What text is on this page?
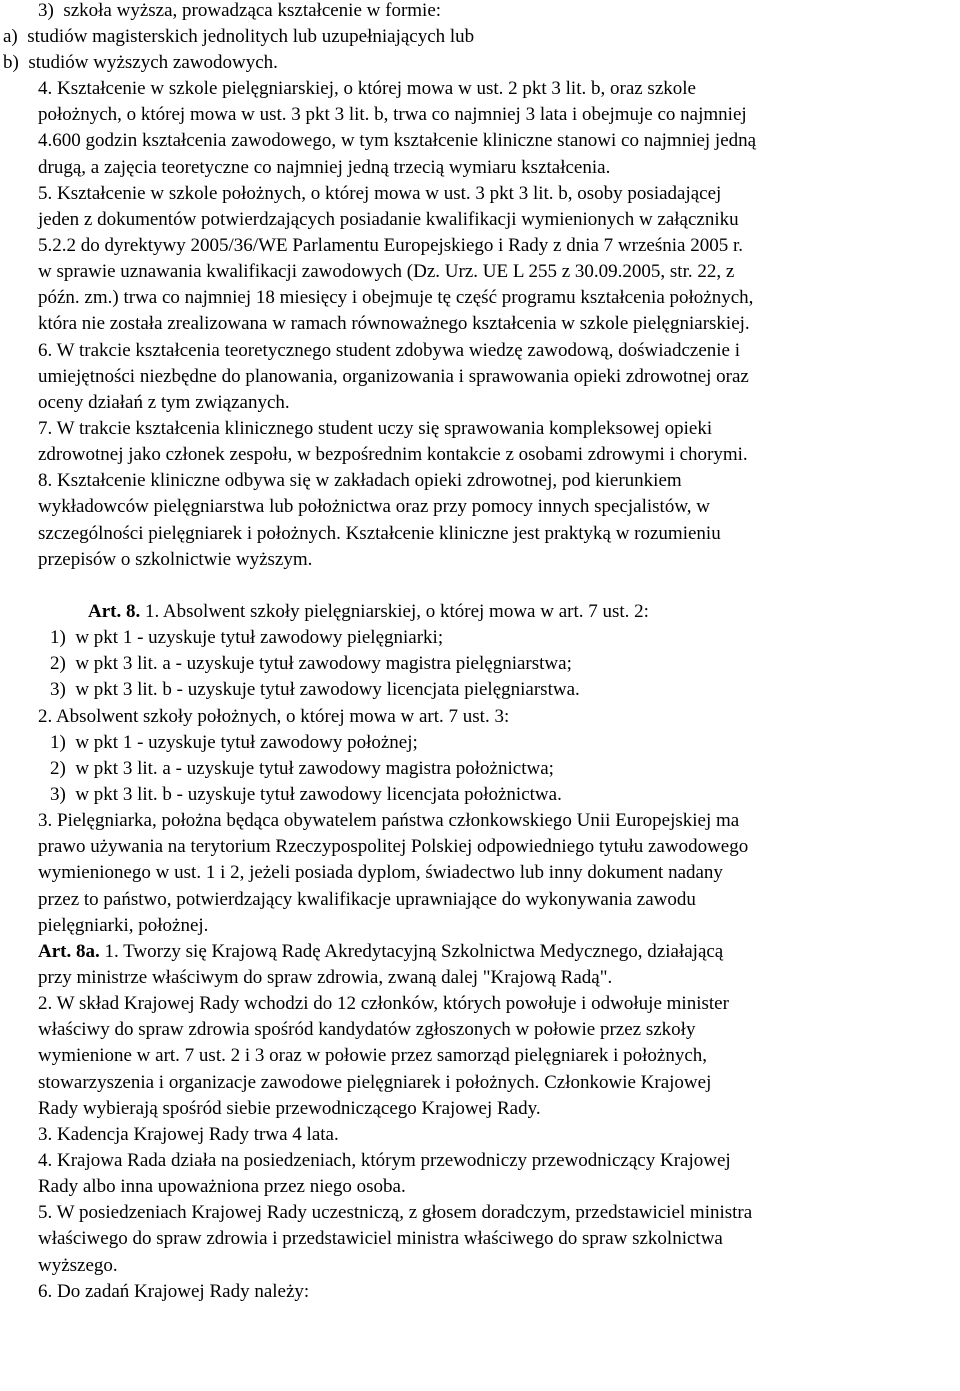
3)  szkoła wyższa, prowadząca kształcenie w formie:
a)  studiów magisterskich jednolitych lub uzupełniających lub
b)  studiów wyższych zawodowych.
4. Kształcenie w szkole pielęgniarskiej, o której mowa w ust. 2 pkt 3 lit. b, oraz szkole
położnych, o której mowa w ust. 3 pkt 3 lit. b, trwa co najmniej 3 lata i obejmuje co najmniej
4.600 godzin kształcenia zawodowego, w tym kształcenie kliniczne stanowi co najmniej jedną
drugą, a zajęcia teoretyczne co najmniej jedną trzecią wymiaru kształcenia.
5. Kształcenie w szkole położnych, o której mowa w ust. 3 pkt 3 lit. b, osoby posiadającej
jeden z dokumentów potwierdzających posiadanie kwalifikacji wymienionych w załączniku
5.2.2 do dyrektywy 2005/36/WE Parlamentu Europejskiego i Rady z dnia 7 września 2005 r.
w sprawie uznawania kwalifikacji zawodowych (Dz. Urz. UE L 255 z 30.09.2005, str. 22, z
późn. zm.) trwa co najmniej 18 miesięcy i obejmuje tę część programu kształcenia położnych,
która nie została zrealizowana w ramach równoważnego kształcenia w szkole pielęgniarskiej.
6. W trakcie kształcenia teoretycznego student zdobywa wiedzę zawodową, doświadczenie i
umiejętności niezbędne do planowania, organizowania i sprawowania opieki zdrowotnej oraz
oceny działań z tym związanych.
7. W trakcie kształcenia klinicznego student uczy się sprawowania kompleksowej opieki
zdrowotnej jako członek zespołu, w bezpośrednim kontakcie z osobami zdrowymi i chorymi.
8. Kształcenie kliniczne odbywa się w zakładach opieki zdrowotnej, pod kierunkiem
wykładowców pielęgniarstwa lub położnictwa oraz przy pomocy innych specjalistów, w
szczególności pielęgniarek i położnych. Kształcenie kliniczne jest praktyką w rozumieniu
przepisów o szkolnictwie wyższym.
Art. 8. 1. Absolwent szkoły pielęgniarskiej, o której mowa w art. 7 ust. 2:
1)  w pkt 1 - uzyskuje tytuł zawodowy pielęgniarki;
2)  w pkt 3 lit. a - uzyskuje tytuł zawodowy magistra pielęgniarstwa;
3)  w pkt 3 lit. b - uzyskuje tytuł zawodowy licencjata pielęgniarstwa.
2. Absolwent szkoły położnych, o której mowa w art. 7 ust. 3:
1)  w pkt 1 - uzyskuje tytuł zawodowy położnej;
2)  w pkt 3 lit. a - uzyskuje tytuł zawodowy magistra położnictwa;
3)  w pkt 3 lit. b - uzyskuje tytuł zawodowy licencjata położnictwa.
3. Pielęgniarka, położna będąca obywatelem państwa członkowskiego Unii Europejskiej ma
prawo używania na terytorium Rzeczypospolitej Polskiej odpowiedniego tytułu zawodowego
wymienionego w ust. 1 i 2, jeżeli posiada dyplom, świadectwo lub inny dokument nadany
przez to państwo, potwierdzający kwalifikacje uprawniające do wykonywania zawodu
pielęgniarki, położnej.
Art. 8a. 1. Tworzy się Krajową Radę Akredytacyjną Szkolnictwa Medycznego, działającą
przy ministrze właściwym do spraw zdrowia, zwaną dalej "Krajową Radą".
2. W skład Krajowej Rady wchodzi do 12 członków, których powołuje i odwołuje minister
właściwy do spraw zdrowia spośród kandydatów zgłoszonych w połowie przez szkoły
wymienione w art. 7 ust. 2 i 3 oraz w połowie przez samorząd pielęgniarek i położnych,
stowarzyszenia i organizacje zawodowe pielęgniarek i położnych. Członkowie Krajowej
Rady wybierają spośród siebie przewodniczącego Krajowej Rady.
3. Kadencja Krajowej Rady trwa 4 lata.
4. Krajowa Rada działa na posiedzeniach, którym przewodniczy przewodniczący Krajowej
Rady albo inna upoważniona przez niego osoba.
5. W posiedzeniach Krajowej Rady uczestniczą, z głosem doradczym, przedstawiciel ministra
właściwego do spraw zdrowia i przedstawiciel ministra właściwego do spraw szkolnictwa
wyższego.
6. Do zadań Krajowej Rady należy:
